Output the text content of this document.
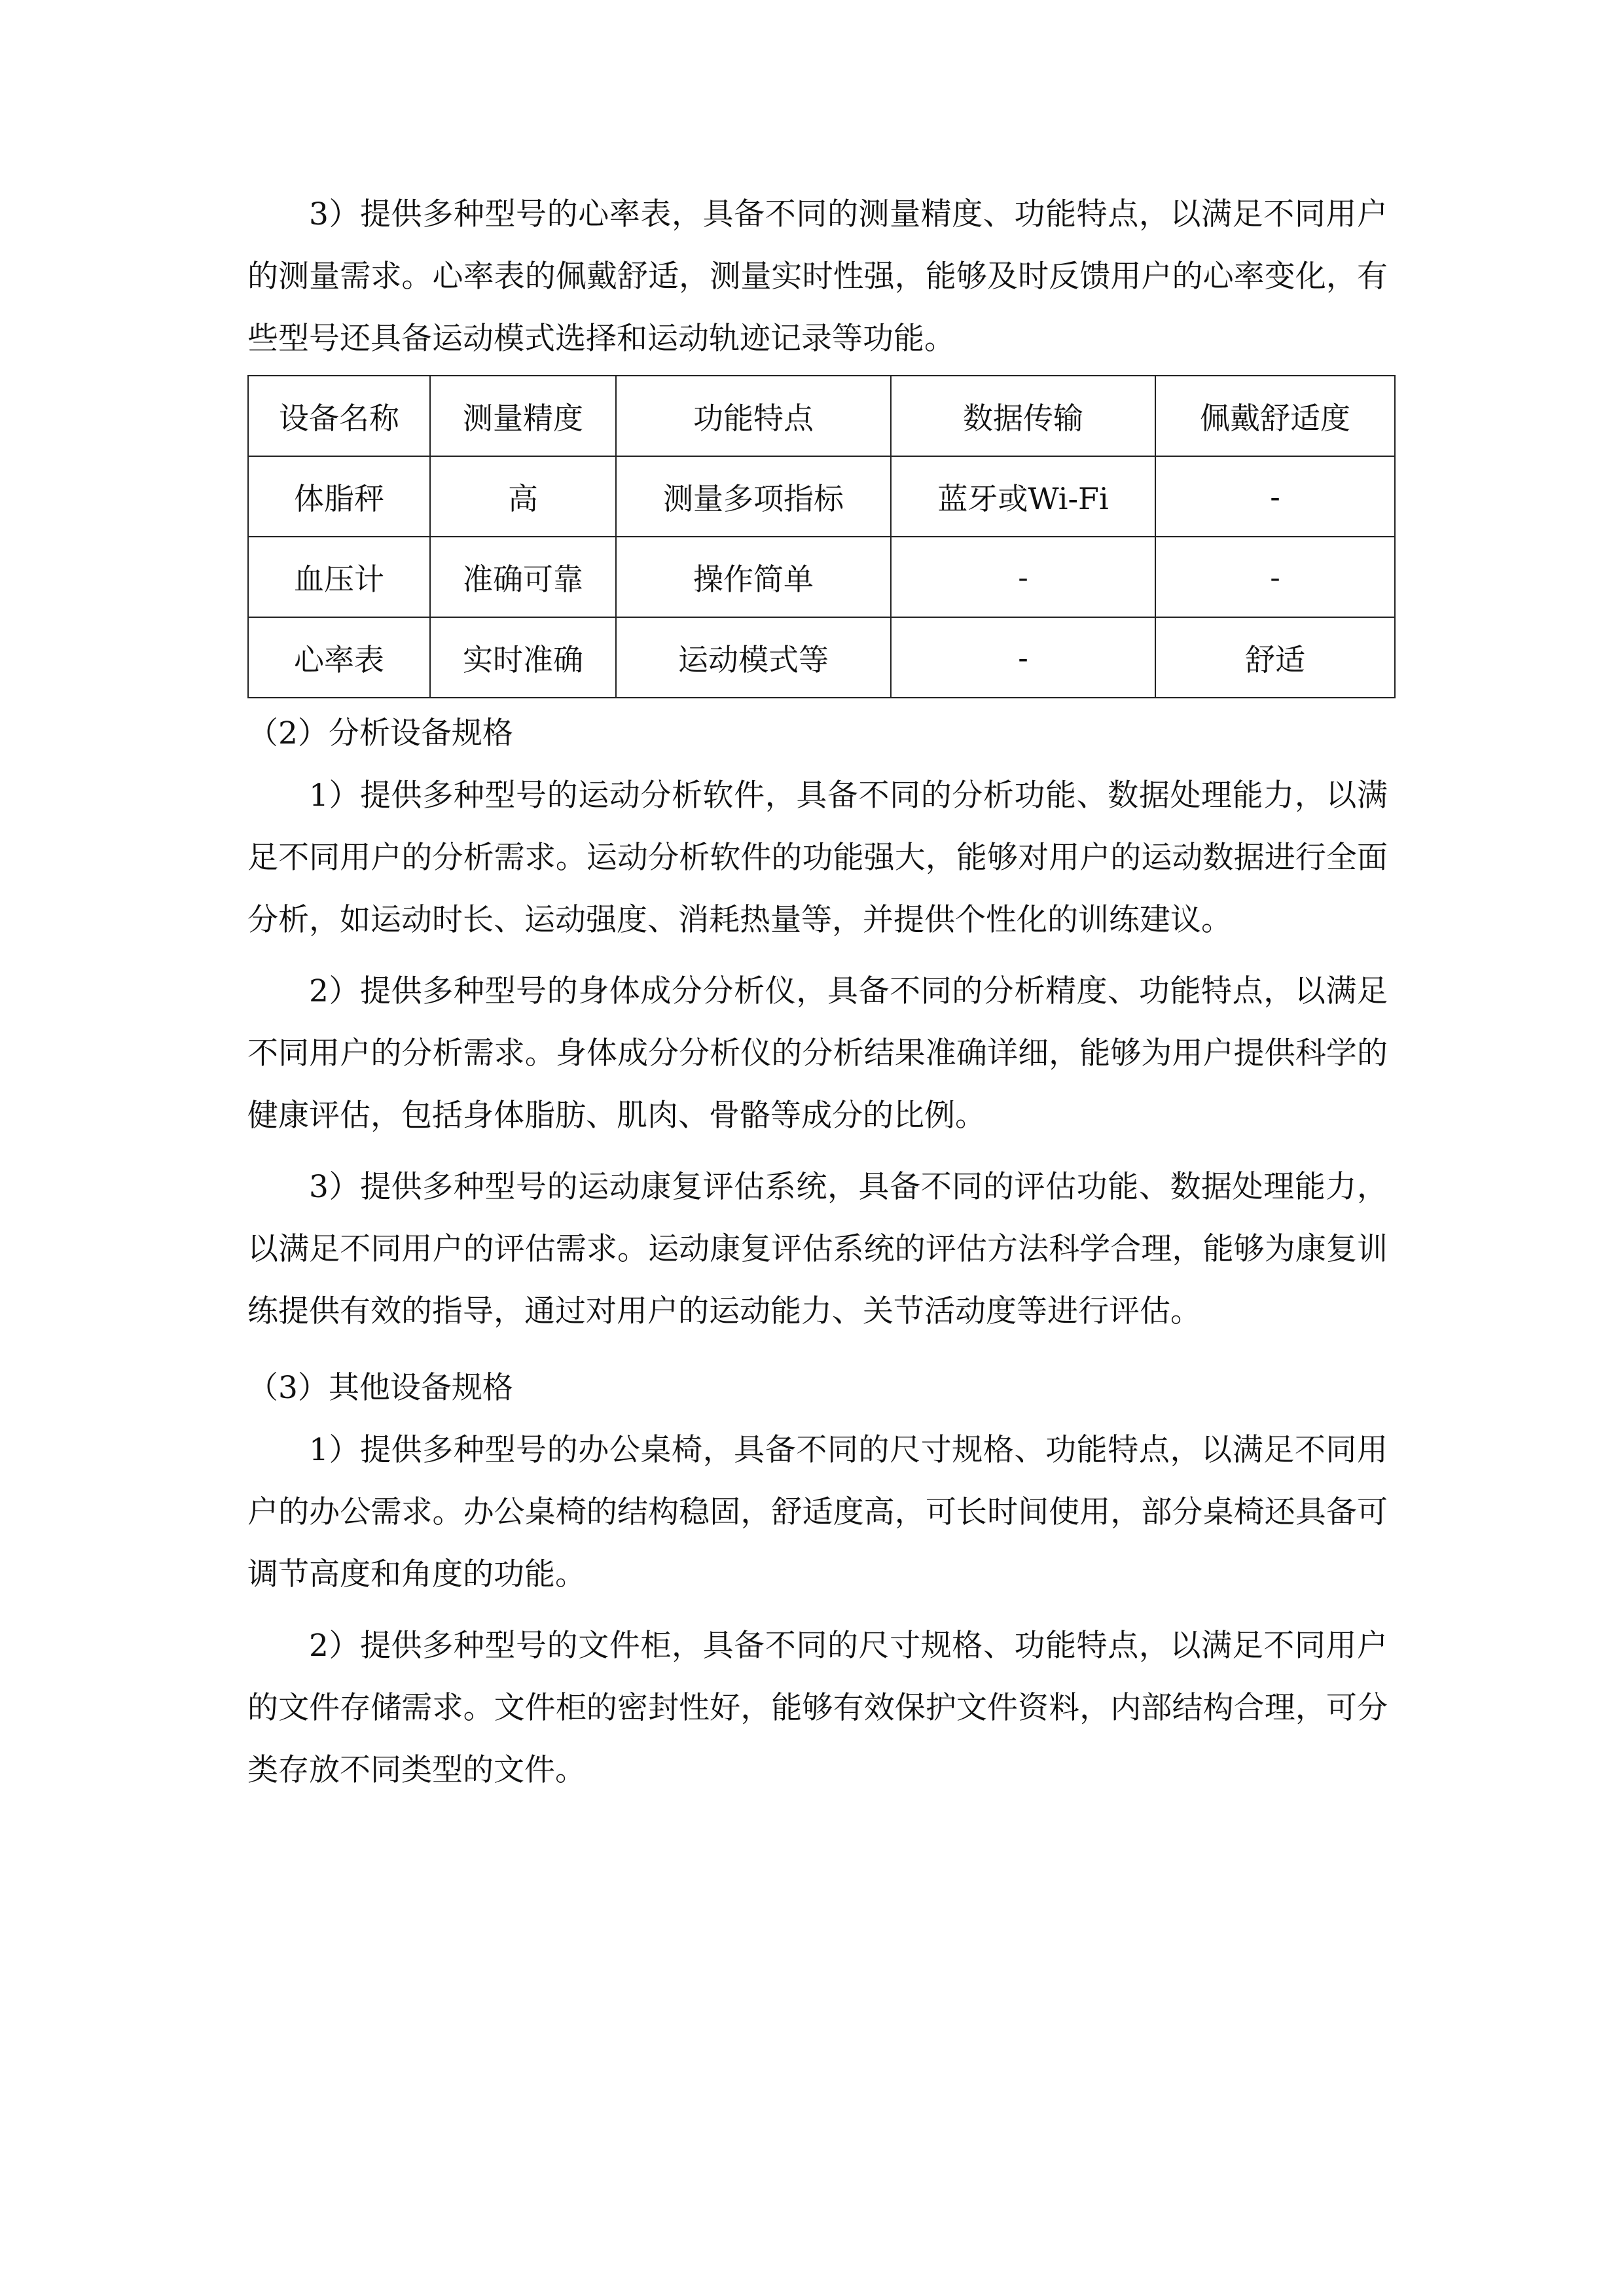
3）提供多种型号的心率表，具备不同的测量精度、功能特点，以满足不同用户的测量需求。心率表的佩戴舒适，测量实时性强，能够及时反馈用户的心率变化，有些型号还具备运动模式选择和运动轨迹记录等功能。

设备名称	测量精度	功能特点	数据传输	佩戴舒适度
体脂秤	高	测量多项指标	蓝牙或Wi-Fi	-
血压计	准确可靠	操作简单	-	-
心率表	实时准确	运动模式等	-	舒适

（2）分析设备规格

1）提供多种型号的运动分析软件，具备不同的分析功能、数据处理能力，以满足不同用户的分析需求。运动分析软件的功能强大，能够对用户的运动数据进行全面分析，如运动时长、运动强度、消耗热量等，并提供个性化的训练建议。

2）提供多种型号的身体成分分析仪，具备不同的分析精度、功能特点，以满足不同用户的分析需求。身体成分分析仪的分析结果准确详细，能够为用户提供科学的健康评估，包括身体脂肪、肌肉、骨骼等成分的比例。

3）提供多种型号的运动康复评估系统，具备不同的评估功能、数据处理能力，以满足不同用户的评估需求。运动康复评估系统的评估方法科学合理，能够为康复训练提供有效的指导，通过对用户的运动能力、关节活动度等进行评估。

（3）其他设备规格

1）提供多种型号的办公桌椅，具备不同的尺寸规格、功能特点，以满足不同用户的办公需求。办公桌椅的结构稳固，舒适度高，可长时间使用，部分桌椅还具备可调节高度和角度的功能。

2）提供多种型号的文件柜，具备不同的尺寸规格、功能特点，以满足不同用户的文件存储需求。文件柜的密封性好，能够有效保护文件资料，内部结构合理，可分类存放不同类型的文件。
